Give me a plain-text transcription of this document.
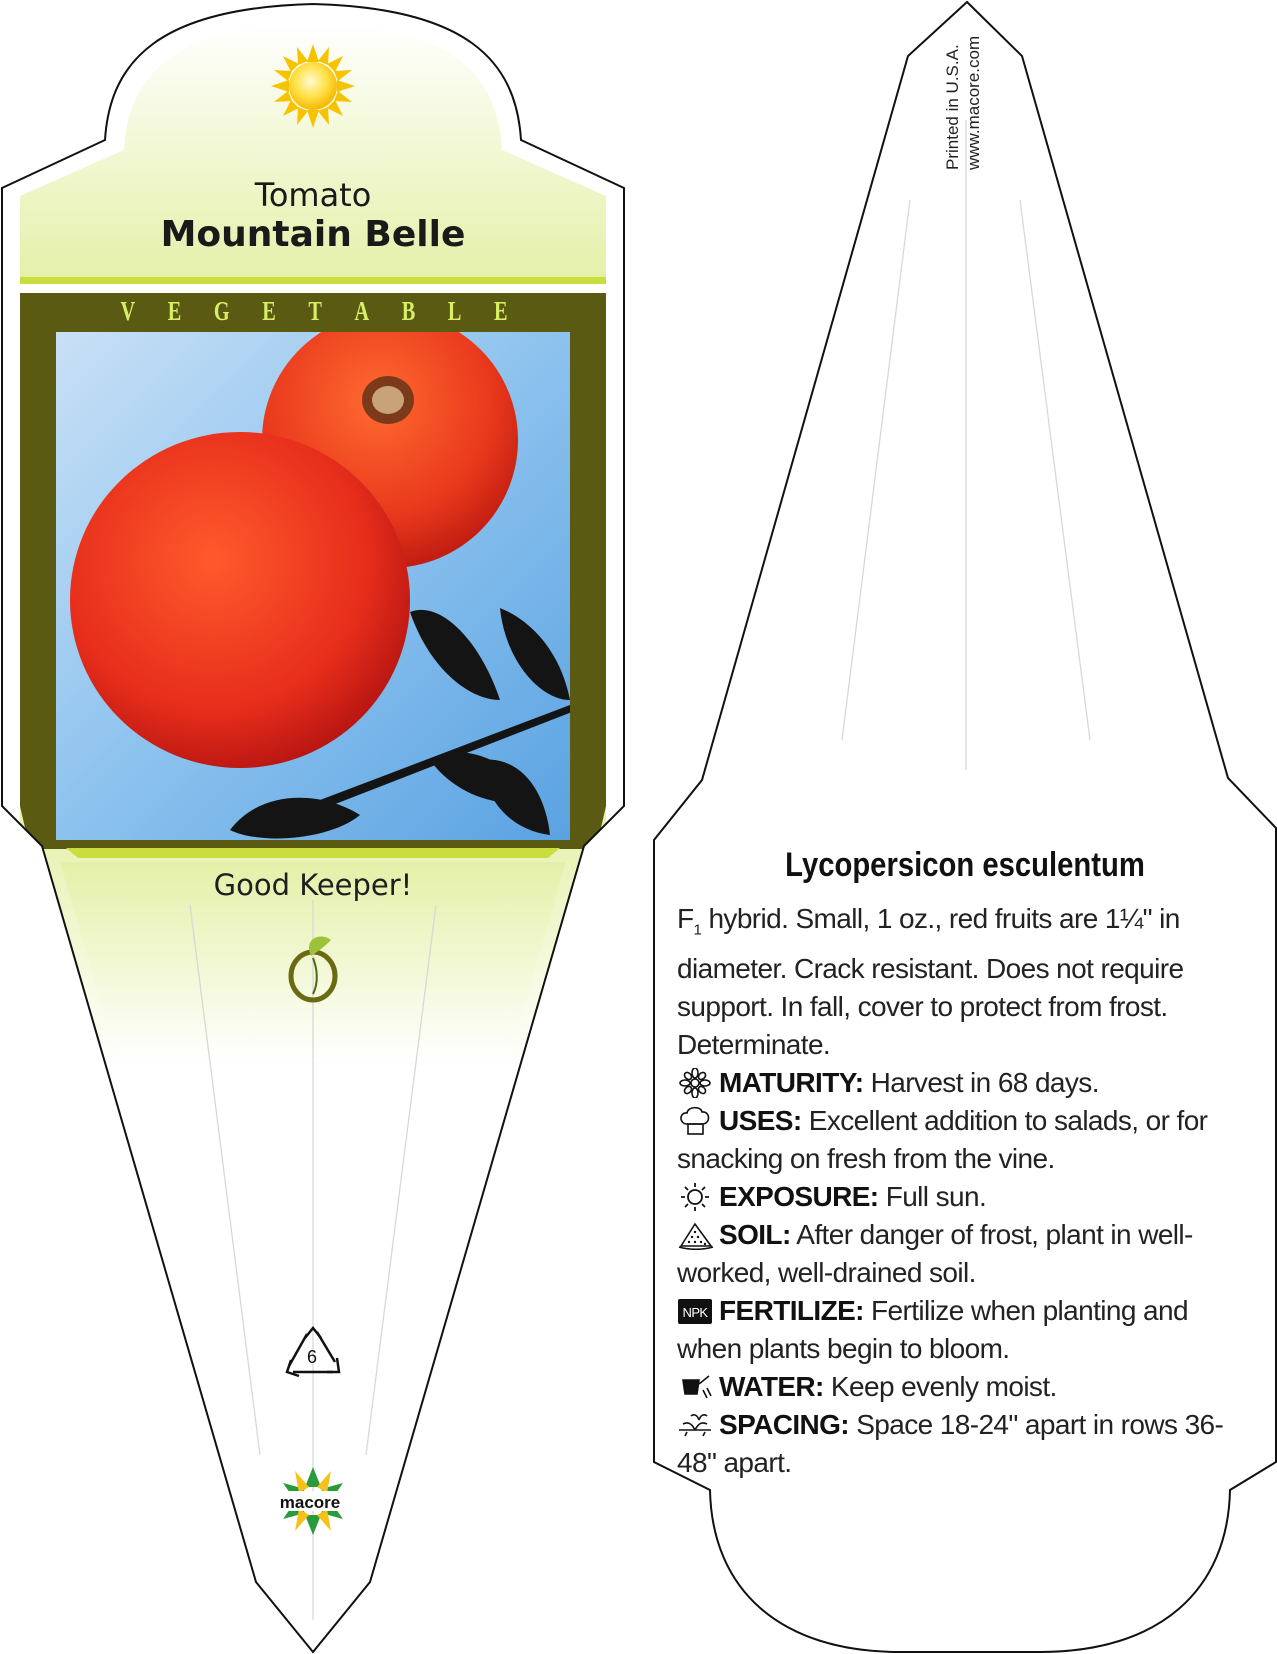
Tomato
Mountain Belle
V E G E T A B L E
Good Keeper!
6
macore
Printed in U.S.A. www.macore.com
Lycopersicon esculentum

$F_1$ hybrid. Small, 1 oz., red fruits are 1¼" in diameter. Crack resistant. Does not require support. In fall, cover to protect from frost. Determinate.

MATURITY: Harvest in 68 days.

USES: Excellent addition to salads, or for snacking on fresh from the vine.

EXPOSURE: Full sun.

SOIL: After danger of frost, plant in well-worked, well-drained soil.

NPK FERTILIZE: Fertilize when planting and when plants begin to bloom.

WATER: Keep evenly moist.

SPACING: Space 18-24" apart in rows 36-48" apart.
